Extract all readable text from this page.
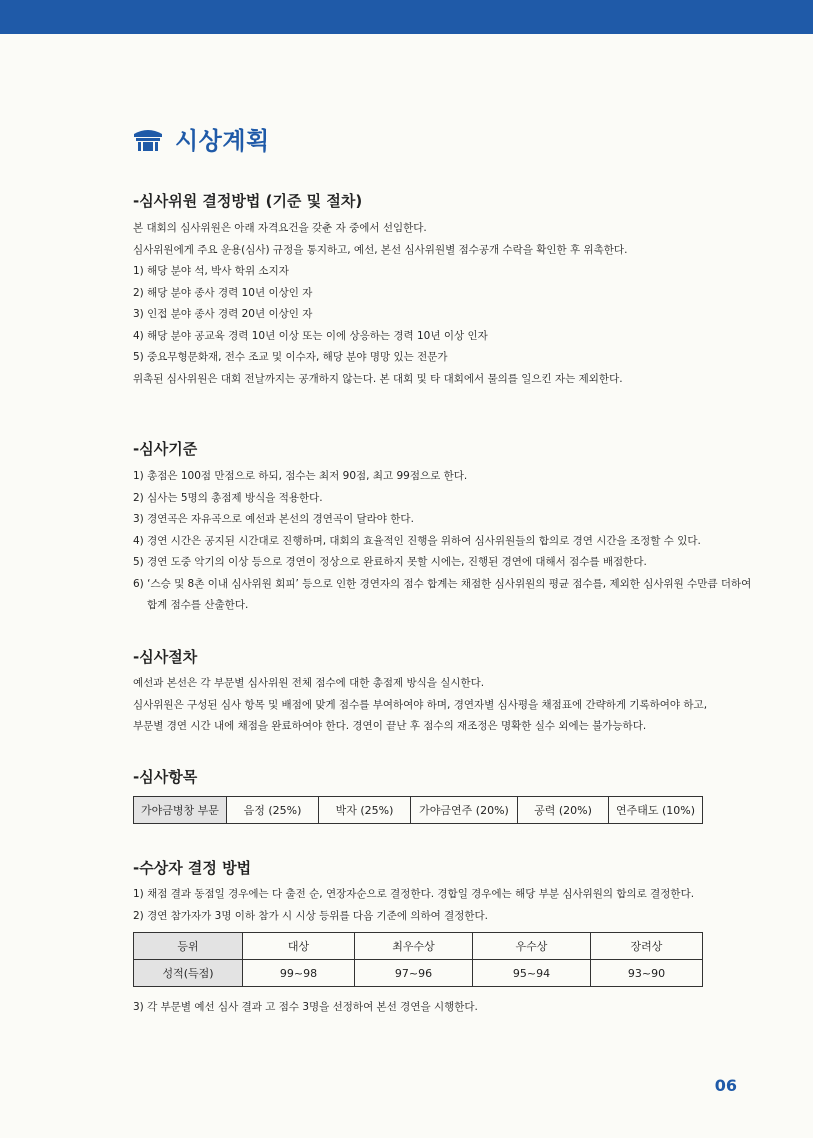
시상계획
-심사위원 결정방법 (기준 및 절차)
본 대회의 심사위원은 아래 자격요건을 갖춘 자 중에서 선임한다.
심사위원에게 주요 운용(심사) 규정을 통지하고, 예선, 본선 심사위원별 점수공개 수락을 확인한 후 위촉한다.
1) 해당 분야 석, 박사 학위 소지자
2) 해당 분야 종사 경력 10년 이상인 자
3) 인접 분야 종사 경력 20년 이상인 자
4) 해당 분야 공교육 경력 10년 이상 또는 이에 상응하는 경력 10년 이상 인자
5) 중요무형문화재, 전수 조교 및 이수자, 해당 분야 명망 있는 전문가
위촉된 심사위원은 대회 전날까지는 공개하지 않는다. 본 대회 및 타 대회에서 물의를 일으킨 자는 제외한다.
-심사기준
1) 총점은 100점 만점으로 하되, 점수는 최저 90점, 최고 99점으로 한다.
2) 심사는 5명의 총점제 방식을 적용한다.
3) 경연곡은 자유곡으로 예선과 본선의 경연곡이 달라야 한다.
4) 경연 시간은 공지된 시간대로 진행하며, 대회의 효율적인 진행을 위하여 심사위원들의 합의로 경연 시간을 조정할 수 있다.
5) 경연 도중 악기의 이상 등으로 경연이 정상으로 완료하지 못할 시에는, 진행된 경연에 대해서 점수를 배점한다.
6) ‘스승 및 8촌 이내 심사위원 회피’ 등으로 인한 경연자의 점수 합계는 채점한 심사위원의 평균 점수를, 제외한 심사위원 수만큼 더하여
합계 점수를 산출한다.
-심사절차
예선과 본선은 각 부문별 심사위원 전체 점수에 대한 총점제 방식을 실시한다.
심사위원은 구성된 심사 항목 및 배점에 맞게 점수를 부여하여야 하며, 경연자별 심사평을 채점표에 간략하게 기록하여야 하고,
부문별 경연 시간 내에 채점을 완료하여야 한다. 경연이 끝난 후 점수의 재조정은 명확한 실수 외에는 불가능하다.
-심사항목
가야금병창 부문	음정 (25%)	박자 (25%)	가야금연주 (20%)	공력 (20%)	연주태도 (10%)
-수상자 결정 방법
1) 채점 결과 동점일 경우에는 다 출전 순, 연장자순으로 결정한다. 경합일 경우에는 해당 부분 심사위원의 합의로 결정한다.
2) 경연 참가자가 3명 이하 참가 시 시상 등위를 다음 기준에 의하여 결정한다.
등위	대상	최우수상	우수상	장려상
성적(득점)	99~98	97~96	95~94	93~90
3) 각 부문별 예선 심사 결과 고 점수 3명을 선정하여 본선 경연을 시행한다.
06
